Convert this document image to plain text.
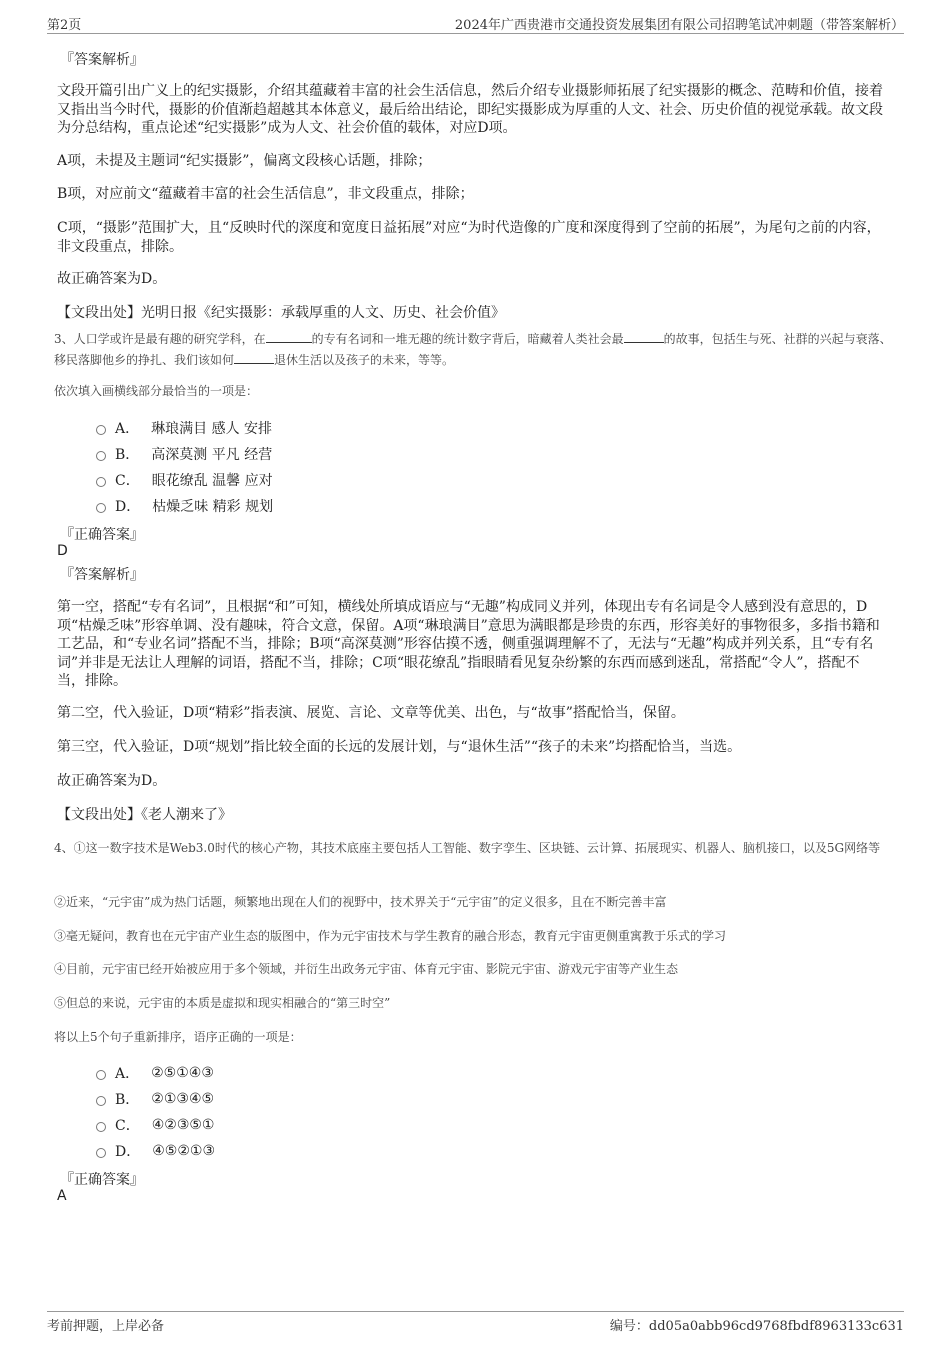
第2页	2024年广西贵港市交通投资发展集团有限公司招聘笔试冲刺题（带答案解析）
『答案解析』
文段开篇引出广义上的纪实摄影，介绍其蕴藏着丰富的社会生活信息，然后介绍专业摄影师拓展了纪实摄影的概念、范畴和价值，接着又指出当今时代，摄影的价值渐趋超越其本体意义，最后给出结论，即纪实摄影成为厚重的人文、社会、历史价值的视觉承载。故文段为分总结构，重点论述“纪实摄影”成为人文、社会价值的载体，对应D项。
A项，未提及主题词“纪实摄影”，偏离文段核心话题，排除；
B项，对应前文“蕴藏着丰富的社会生活信息”，非文段重点，排除；
C项，“摄影”范围扩大，且“反映时代的深度和宽度日益拓展”对应“为时代造像的广度和深度得到了空前的拓展”，为尾句之前的内容，非文段重点，排除。
故正确答案为D。
【文段出处】光明日报《纪实摄影：承载厚重的人文、历史、社会价值》
3、人口学或许是最有趣的研究学科，在	的专有名词和一堆无趣的统计数字背后，暗藏着人类社会最	的故事，包括生与死、社群的兴起与衰落、移民落脚他乡的挣扎、我们该如何	退休生活以及孩子的未来，等等。
依次填入画横线部分最恰当的一项是：
A． 琳琅满目 感人 安排
B． 高深莫测 平凡 经营
C． 眼花缭乱 温馨 应对
D． 枯燥乏味 精彩 规划
『正确答案』
D
『答案解析』
第一空，搭配“专有名词”，且根据“和”可知，横线处所填成语应与“无趣”构成同义并列，体现出专有名词是令人感到没有意思的，D项“枯燥乏味”形容单调、没有趣味，符合文意，保留。A项“琳琅满目”意思为满眼都是珍贵的东西，形容美好的事物很多，多指书籍和工艺品，和“专业名词”搭配不当，排除；B项“高深莫测”形容估摸不透，侧重强调理解不了，无法与“无趣”构成并列关系，且“专有名词”并非是无法让人理解的词语，搭配不当，排除；C项“眼花缭乱”指眼睛看见复杂纷繁的东西而感到迷乱，常搭配“令人”，搭配不当，排除。
第二空，代入验证，D项“精彩”指表演、展览、言论、文章等优美、出色，与“故事”搭配恰当，保留。
第三空，代入验证，D项“规划”指比较全面的长远的发展计划，与“退休生活”“孩子的未来”均搭配恰当，当选。
故正确答案为D。
【文段出处】《老人潮来了》
4、①这一数字技术是Web3.0时代的核心产物，其技术底座主要包括人工智能、数字孪生、区块链、云计算、拓展现实、机器人、脑机接口，以及5G网络等
②近来，“元宇宙”成为热门话题，频繁地出现在人们的视野中，技术界关于“元宇宙”的定义很多，且在不断完善丰富
③毫无疑问，教育也在元宇宙产业生态的版图中，作为元宇宙技术与学生教育的融合形态，教育元宇宙更侧重寓教于乐式的学习
④目前，元宇宙已经开始被应用于多个领域，并衍生出政务元宇宙、体育元宇宙、影院元宇宙、游戏元宇宙等产业生态
⑤但总的来说，元宇宙的本质是虚拟和现实相融合的“第三时空”
将以上5个句子重新排序，语序正确的一项是：
A． ②⑤①④③
B． ②①③④⑤
C． ④②③⑤①
D． ④⑤②①③
『正确答案』
A
考前押题，上岸必备	编号：dd05a0abb96cd9768fbdf8963133c631
